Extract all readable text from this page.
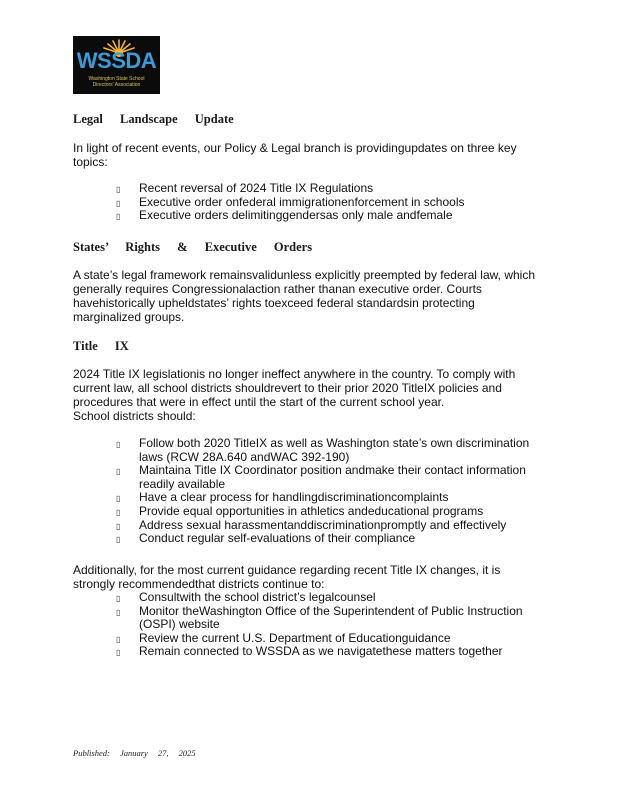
WSSDA
Washington State School
Directors' Association
Legal Landscape Update

In light of recent events, our Policy & Legal branch is providingupdates on three key topics:

▯ Recent reversal of 2024 Title IX Regulations
▯ Executive order onfederal immigrationenforcement in schools
▯ Executive orders delimitinggendersas only male andfemale
States’ Rights & Executive Orders

A state’s legal framework remainsvalidunless explicitly preempted by federal law, which generally requires Congressionalaction rather thanan executive order. Courts havehistorically upheldstates’ rights toexceed federal standardsin protecting marginalized groups.

Title IX

2024 Title IX legislationis no longer ineffect anywhere in the country. To comply with current law, all school districts shouldrevert to their prior 2020 TitleIX policies and procedures that were in effect until the start of the current school year.

School districts should:

▯ Follow both 2020 TitleIX as well as Washington state’s own discrimination laws (RCW 28A.640 andWAC 392-190)
▯ Maintaina Title IX Coordinator position andmake their contact information readily available
▯ Have a clear process for handlingdiscriminationcomplaints
▯ Provide equal opportunities in athletics andeducational programs
▯ Address sexual harassmentanddiscriminationpromptly and effectively
▯ Conduct regular self-evaluations of their compliance

Additionally, for the most current guidance regarding recent Title IX changes, it is strongly recommendedthat districts continue to:

▯ Consultwith the school district’s legalcounsel
▯ Monitor theWashington Office of the Superintendent of Public Instruction (OSPI) website
▯ Review the current U.S. Department of Educationguidance
▯ Remain connected to WSSDA as we navigatethese matters together
Published: January 27, 2025
